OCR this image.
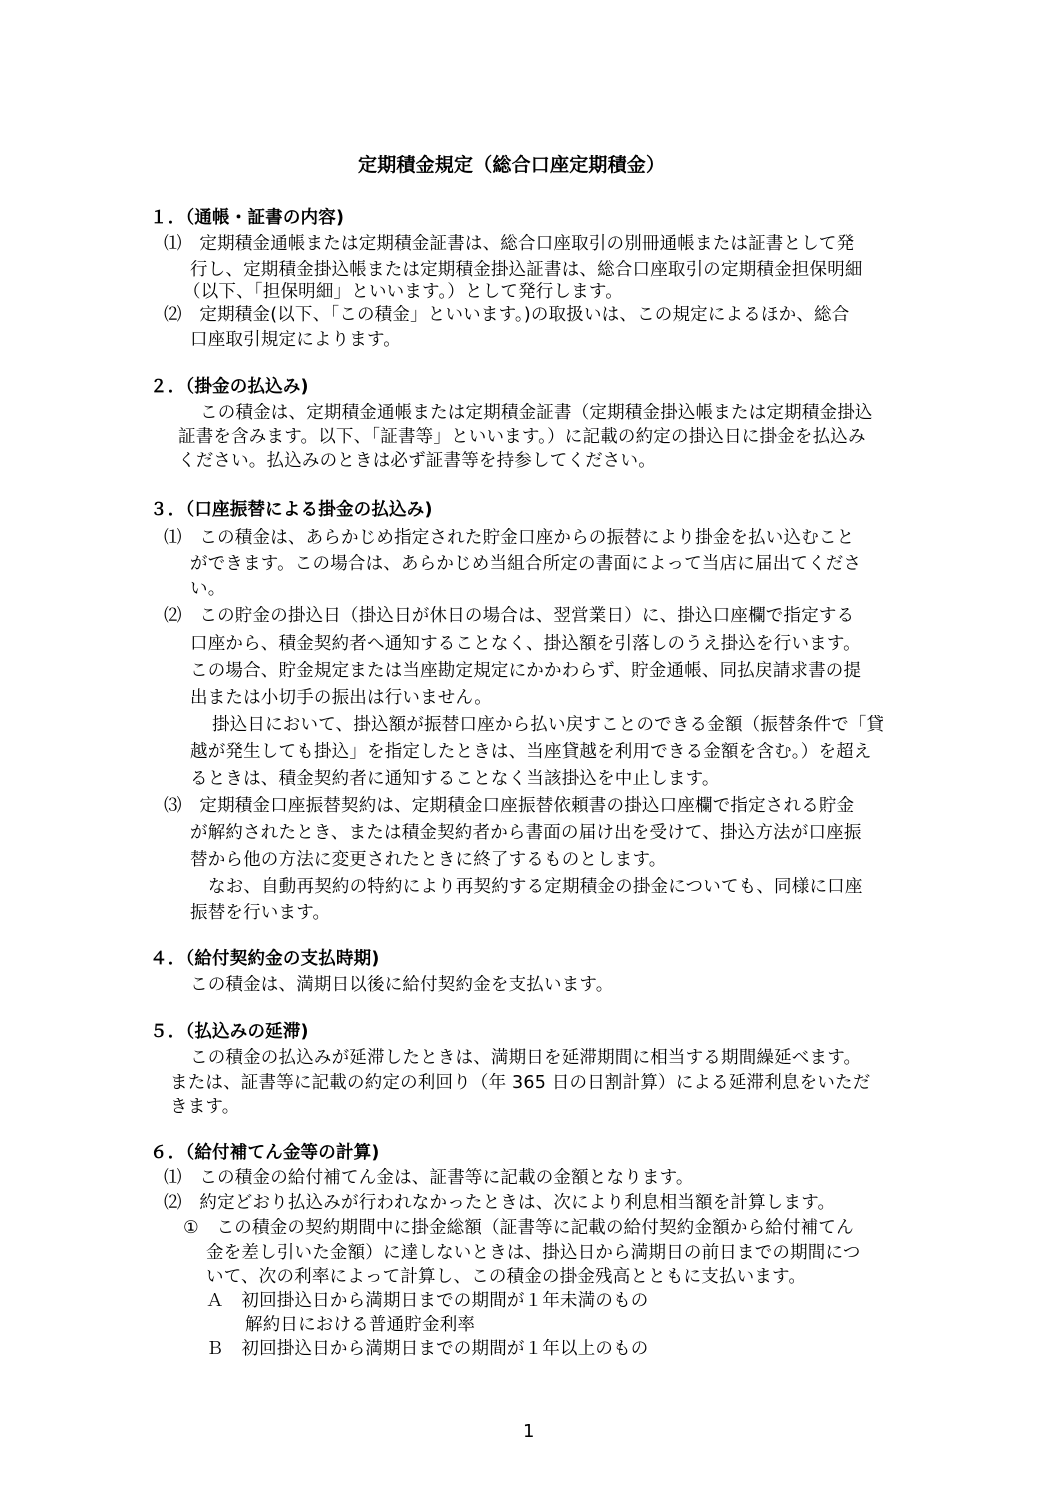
定期積金規定（総合口座定期積金）
１．（通帳・証書の内容)
⑴　定期積金通帳または定期積金証書は、総合口座取引の別冊通帳または証書として発
行し、定期積金掛込帳または定期積金掛込証書は、総合口座取引の定期積金担保明細
（以下、「担保明細」といいます。）として発行します。
⑵　定期積金(以下、「この積金」といいます。)の取扱いは、この規定によるほか、総合
口座取引規定によります。
２．（掛金の払込み)
この積金は、定期積金通帳または定期積金証書（定期積金掛込帳または定期積金掛込
証書を含みます。以下、「証書等」といいます。）に記載の約定の掛込日に掛金を払込み
ください。払込みのときは必ず証書等を持参してください。
３．（口座振替による掛金の払込み)
⑴　この積金は、あらかじめ指定された貯金口座からの振替により掛金を払い込むこと
ができます。この場合は、あらかじめ当組合所定の書面によって当店に届出てくださ
い。
⑵　この貯金の掛込日（掛込日が休日の場合は、翌営業日）に、掛込口座欄で指定する
口座から、積金契約者へ通知することなく、掛込額を引落しのうえ掛込を行います。
この場合、貯金規定または当座勘定規定にかかわらず、貯金通帳、同払戻請求書の提
出または小切手の振出は行いません。
掛込日において、掛込額が振替口座から払い戻すことのできる金額（振替条件で「貸
越が発生しても掛込」を指定したときは、当座貸越を利用できる金額を含む。）を超え
るときは、積金契約者に通知することなく当該掛込を中止します。
⑶　定期積金口座振替契約は、定期積金口座振替依頼書の掛込口座欄で指定される貯金
が解約されたとき、または積金契約者から書面の届け出を受けて、掛込方法が口座振
替から他の方法に変更されたときに終了するものとします。
なお、自動再契約の特約により再契約する定期積金の掛金についても、同様に口座
振替を行います。
４．（給付契約金の支払時期)
この積金は、満期日以後に給付契約金を支払います。
５．（払込みの延滞)
この積金の払込みが延滞したときは、満期日を延滞期間に相当する期間繰延べます。
または、証書等に記載の約定の利回り（年 365 日の日割計算）による延滞利息をいただ
きます。
６．（給付補てん金等の計算)
⑴　この積金の給付補てん金は、証書等に記載の金額となります。
⑵　約定どおり払込みが行われなかったときは、次により利息相当額を計算します。
①　この積金の契約期間中に掛金総額（証書等に記載の給付契約金額から給付補てん
金を差し引いた金額）に達しないときは、掛込日から満期日の前日までの期間につ
いて、次の利率によって計算し、この積金の掛金残高とともに支払います。
Ａ　初回掛込日から満期日までの期間が１年未満のもの
解約日における普通貯金利率
Ｂ　初回掛込日から満期日までの期間が１年以上のもの
1
